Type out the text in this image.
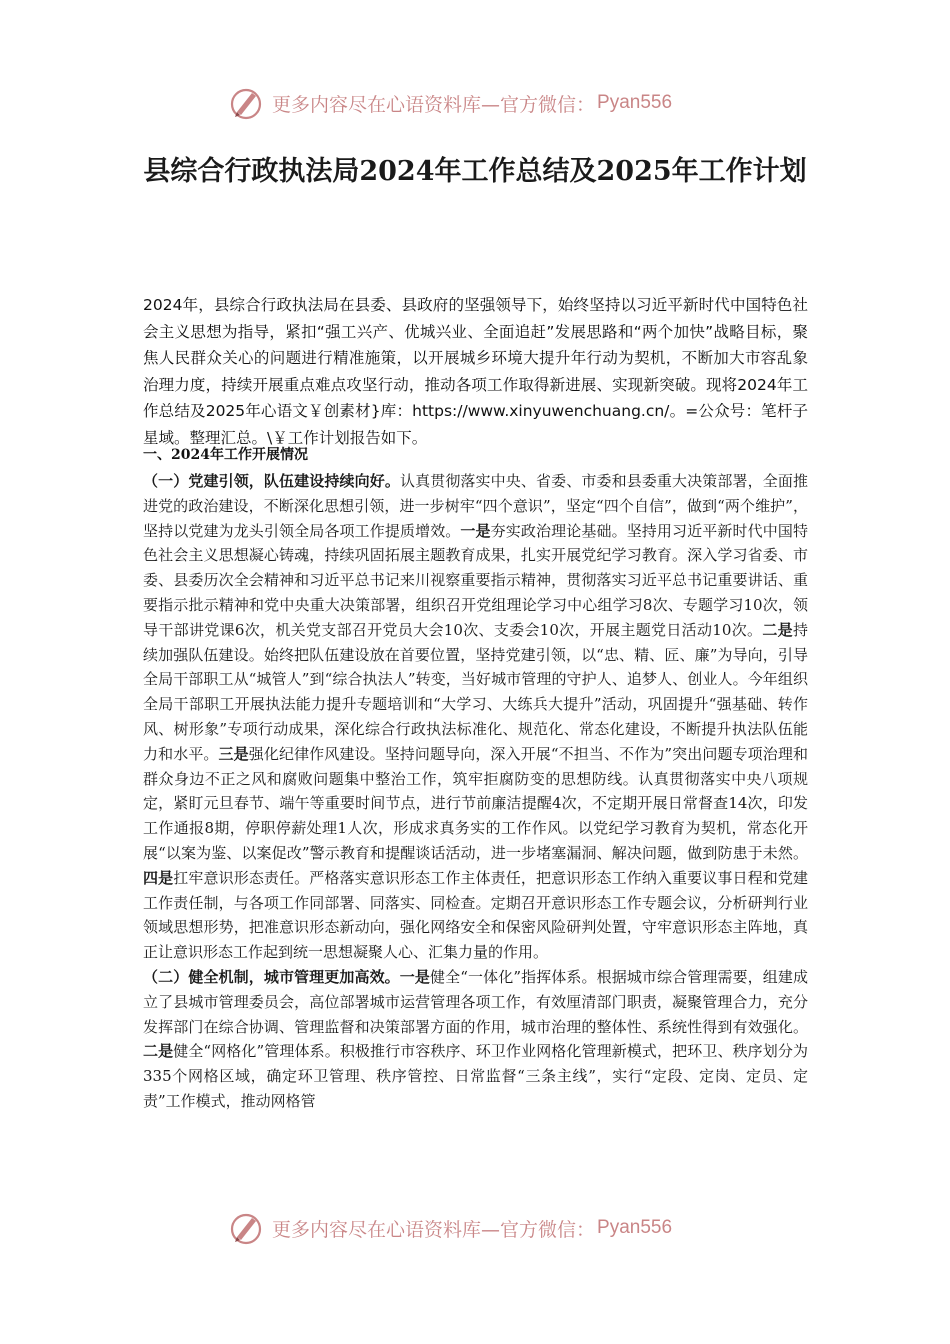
更多内容尽在心语资料库—官方微信： Pyan556
县综合行政执法局2024年工作总结及2025年工作计划
2024年，县综合行政执法局在县委、县政府的坚强领导下，始终坚持以习近平新时代中国特色社会主义思想为指导，紧扣“强工兴产、优城兴业、全面追赶”发展思路和“两个加快”战略目标，聚焦人民群众关心的问题进行精准施策，以开展城乡环境大提升年行动为契机，不断加大市容乱象治理力度，持续开展重点难点攻坚行动，推动各项工作取得新进展、实现新突破。现将2024年工作总结及2025年心语文￥创素材}库：https://www.xinyuwenchuang.cn/。=公众号：笔杆子星域。整理汇总。\￥工作计划报告如下。
一、2024年工作开展情况

（一）党建引领，队伍建设持续向好。认真贯彻落实中央、省委、市委和县委重大决策部署，全面推进党的政治建设，不断深化思想引领，进一步树牢“四个意识”，坚定“四个自信”，做到“两个维护”，坚持以党建为龙头引领全局各项工作提质增效。一是夯实政治理论基础。坚持用习近平新时代中国特色社会主义思想凝心铸魂，持续巩固拓展主题教育成果，扎实开展党纪学习教育。深入学习省委、市委、县委历次全会精神和习近平总书记来川视察重要指示精神，贯彻落实习近平总书记重要讲话、重要指示批示精神和党中央重大决策部署，组织召开党组理论学习中心组学习8次、专题学习10次，领导干部讲党课6次，机关党支部召开党员大会10次、支委会10次，开展主题党日活动10次。二是持续加强队伍建设。始终把队伍建设放在首要位置，坚持党建引领，以“忠、精、匠、廉”为导向，引导全局干部职工从“城管人”到“综合执法人”转变，当好城市管理的守护人、追梦人、创业人。今年组织全局干部职工开展执法能力提升专题培训和“大学习、大练兵大提升”活动，巩固提升“强基础、转作风、树形象”专项行动成果，深化综合行政执法标准化、规范化、常态化建设，不断提升执法队伍能力和水平。三是强化纪律作风建设。坚持问题导向，深入开展“不担当、不作为”突出问题专项治理和群众身边不正之风和腐败问题集中整治工作，筑牢拒腐防变的思想防线。认真贯彻落实中央八项规定，紧盯元旦春节、端午等重要时间节点，进行节前廉洁提醒4次，不定期开展日常督查14次，印发工作通报8期，停职停薪处理1人次，形成求真务实的工作作风。以党纪学习教育为契机，常态化开展“以案为鉴、以案促改”警示教育和提醒谈话活动，进一步堵塞漏洞、解决问题，做到防患于未然。四是扛牢意识形态责任。严格落实意识形态工作主体责任，把意识形态工作纳入重要议事日程和党建工作责任制，与各项工作同部署、同落实、同检查。定期召开意识形态工作专题会议，分析研判行业领域思想形势，把准意识形态新动向，强化网络安全和保密风险研判处置，守牢意识形态主阵地，真正让意识形态工作起到统一思想凝聚人心、汇集力量的作用。

（二）健全机制，城市管理更加高效。一是健全“一体化”指挥体系。根据城市综合管理需要，组建成立了县城市管理委员会，高位部署城市运营管理各项工作，有效厘清部门职责，凝聚管理合力，充分发挥部门在综合协调、管理监督和决策部署方面的作用，城市治理的整体性、系统性得到有效强化。二是健全“网格化”管理体系。积极推行市容秩序、环卫作业网格化管理新模式，把环卫、秩序划分为335个网格区域，确定环卫管理、秩序管控、日常监督“三条主线”，实行“定段、定岗、定员、定责”工作模式，推动网格管

更多内容尽在心语资料库—官方微信： Pyan556
